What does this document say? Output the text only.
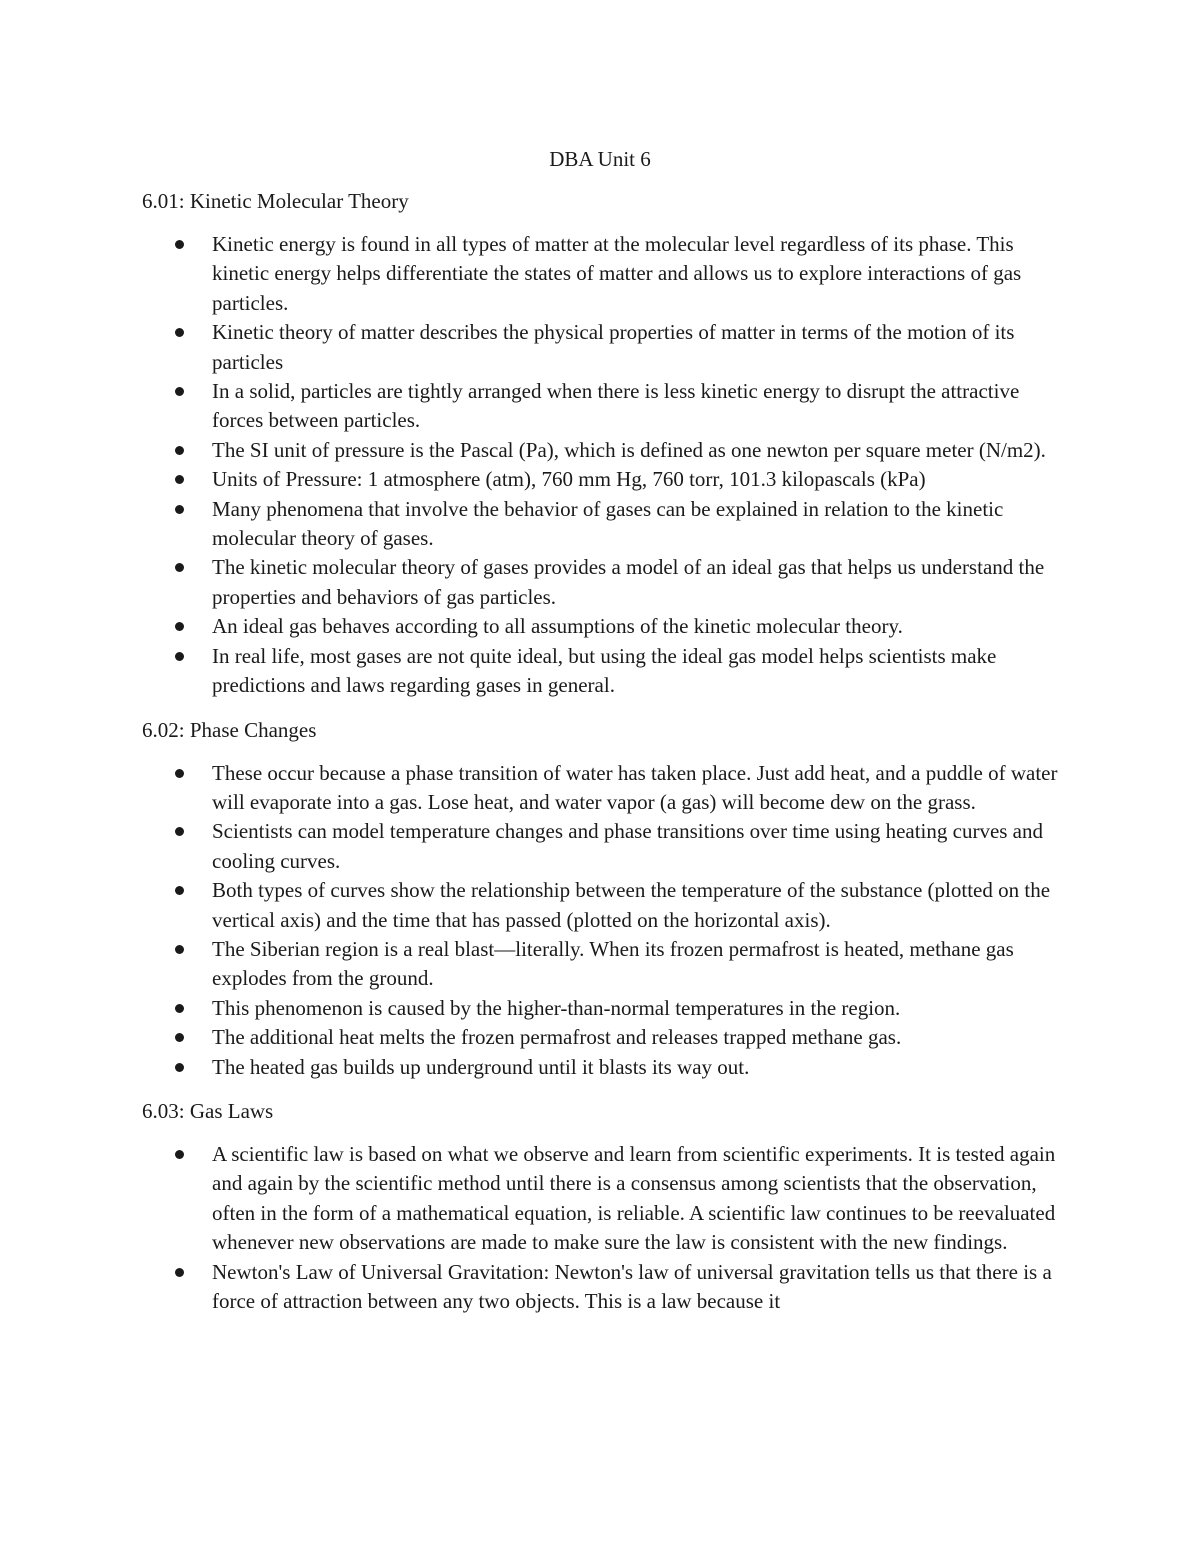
DBA Unit 6
6.01: Kinetic Molecular Theory
Kinetic energy is found in all types of matter at the molecular level regardless of its phase. This kinetic energy helps differentiate the states of matter and allows us to explore interactions of gas particles.
Kinetic theory of matter describes the physical properties of matter in terms of the motion of its particles
In a solid, particles are tightly arranged when there is less kinetic energy to disrupt the attractive forces between particles.
The SI unit of pressure is the Pascal (Pa), which is defined as one newton per square meter (N/m2).
Units of Pressure: 1 atmosphere (atm), 760 mm Hg, 760 torr, 101.3 kilopascals (kPa)
Many phenomena that involve the behavior of gases can be explained in relation to the kinetic molecular theory of gases.
The kinetic molecular theory of gases provides a model of an ideal gas that helps us understand the properties and behaviors of gas particles.
An ideal gas behaves according to all assumptions of the kinetic molecular theory.
In real life, most gases are not quite ideal, but using the ideal gas model helps scientists make predictions and laws regarding gases in general.
6.02: Phase Changes
These occur because a phase transition of water has taken place. Just add heat, and a puddle of water will evaporate into a gas. Lose heat, and water vapor (a gas) will become dew on the grass.
Scientists can model temperature changes and phase transitions over time using heating curves and cooling curves.
Both types of curves show the relationship between the temperature of the substance (plotted on the vertical axis) and the time that has passed (plotted on the horizontal axis).
The Siberian region is a real blast—literally. When its frozen permafrost is heated, methane gas explodes from the ground.
This phenomenon is caused by the higher-than-normal temperatures in the region.
The additional heat melts the frozen permafrost and releases trapped methane gas.
The heated gas builds up underground until it blasts its way out.
6.03: Gas Laws
A scientific law is based on what we observe and learn from scientific experiments. It is tested again and again by the scientific method until there is a consensus among scientists that the observation, often in the form of a mathematical equation, is reliable. A scientific law continues to be reevaluated whenever new observations are made to make sure the law is consistent with the new findings.
Newton's Law of Universal Gravitation: Newton's law of universal gravitation tells us that there is a force of attraction between any two objects. This is a law because it
